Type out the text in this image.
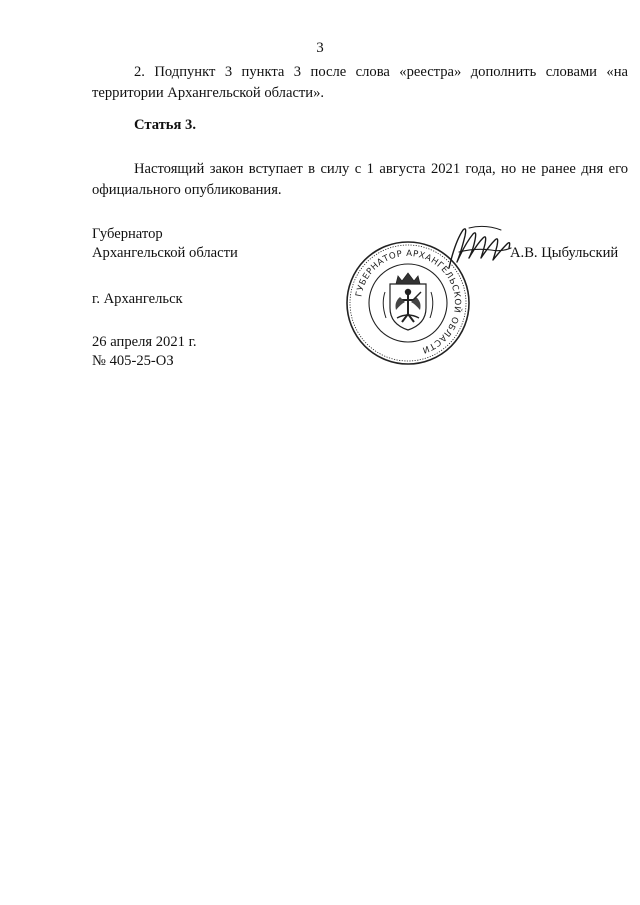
3

2. Подпункт 3 пункта 3 после слова «реестра» дополнить словами «на территории Архангельской области».

Статья 3.

Настоящий закон вступает в силу с 1 августа 2021 года, но не ранее дня его официального опубликования.

Губернатор

Архангельской области	А.В. Цыбульский

г. Архангельск

26 апреля 2021 г.

№ 405-25-ОЗ

ГУБЕРНАТОР АРХАНГЕЛЬСКОЙ ОБЛАСТИ
